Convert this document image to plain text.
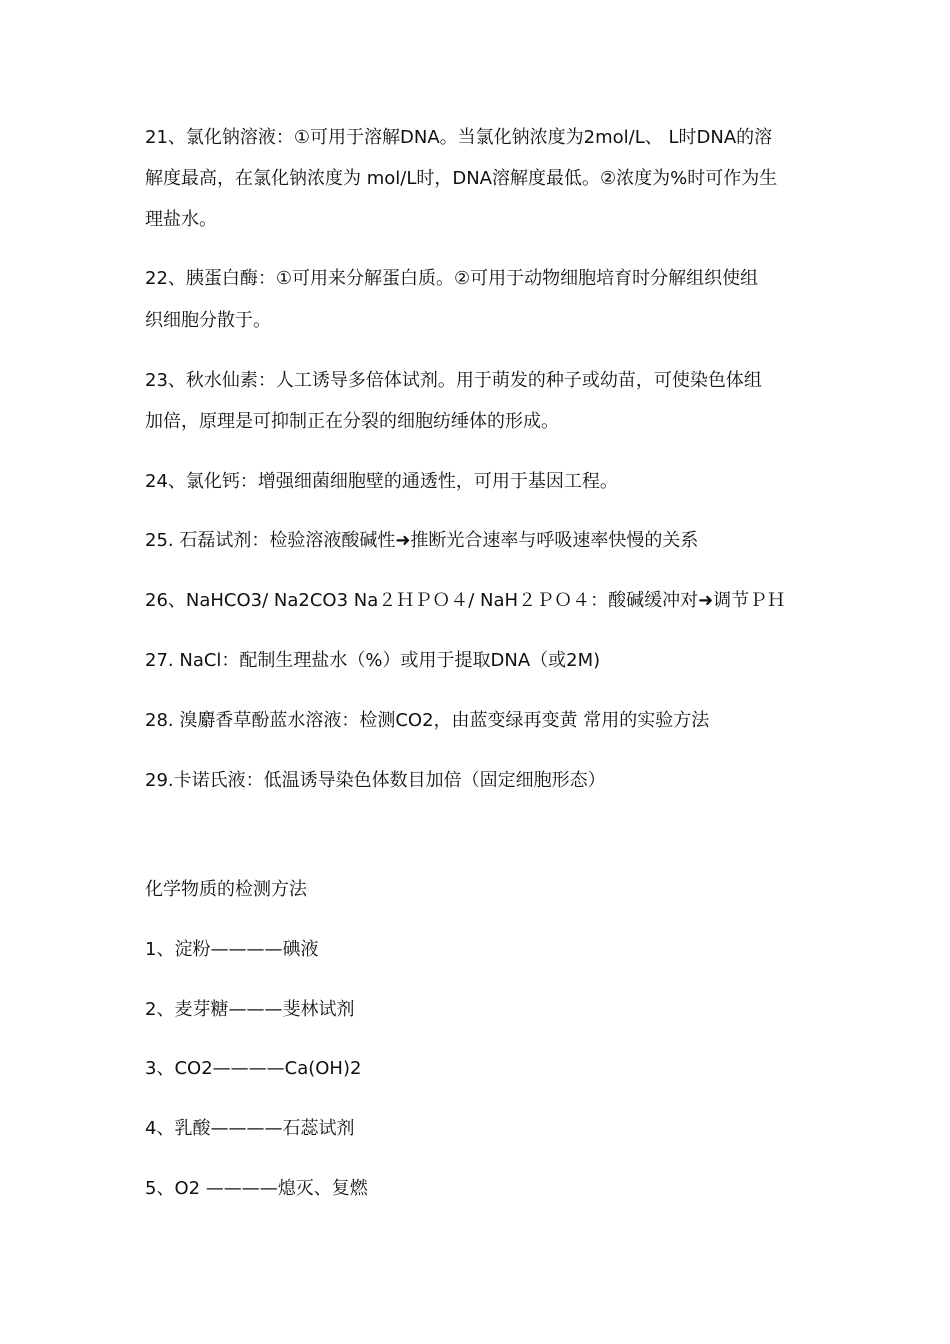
21、氯化钠溶液：①可用于溶解DNA。当氯化钠浓度为2mol/L、 L时DNA的溶
解度最高，在氯化钠浓度为 mol/L时，DNA溶解度最低。②浓度为%时可作为生
理盐水。
22、胰蛋白酶：①可用来分解蛋白质。②可用于动物细胞培育时分解组织使组
织细胞分散于。
23、秋水仙素：人工诱导多倍体试剂。用于萌发的种子或幼苗，可使染色体组
加倍，原理是可抑制正在分裂的细胞纺缍体的形成。
24、氯化钙：增强细菌细胞壁的通透性，可用于基因工程。
25. 石磊试剂：检验溶液酸碱性➜推断光合速率与呼吸速率快慢的关系
26、NaHCO3/ Na2CO3 Na２ＨＰＯ４/ NaH２ＰＯ４：酸碱缓冲对➜调节ＰＨ
27. NaCl：配制生理盐水（%）或用于提取DNA（或2M)
28. 溴麝香草酚蓝水溶液：检测CO2，由蓝变绿再变黄 常用的实验方法
29.卡诺氏液：低温诱导染色体数目加倍（固定细胞形态）
化学物质的检测方法
1、淀粉————碘液
2、麦芽糖———斐林试剂
3、CO2————Ca(OH)2
4、乳酸————石蕊试剂
5、O2 ————熄灭、复燃
